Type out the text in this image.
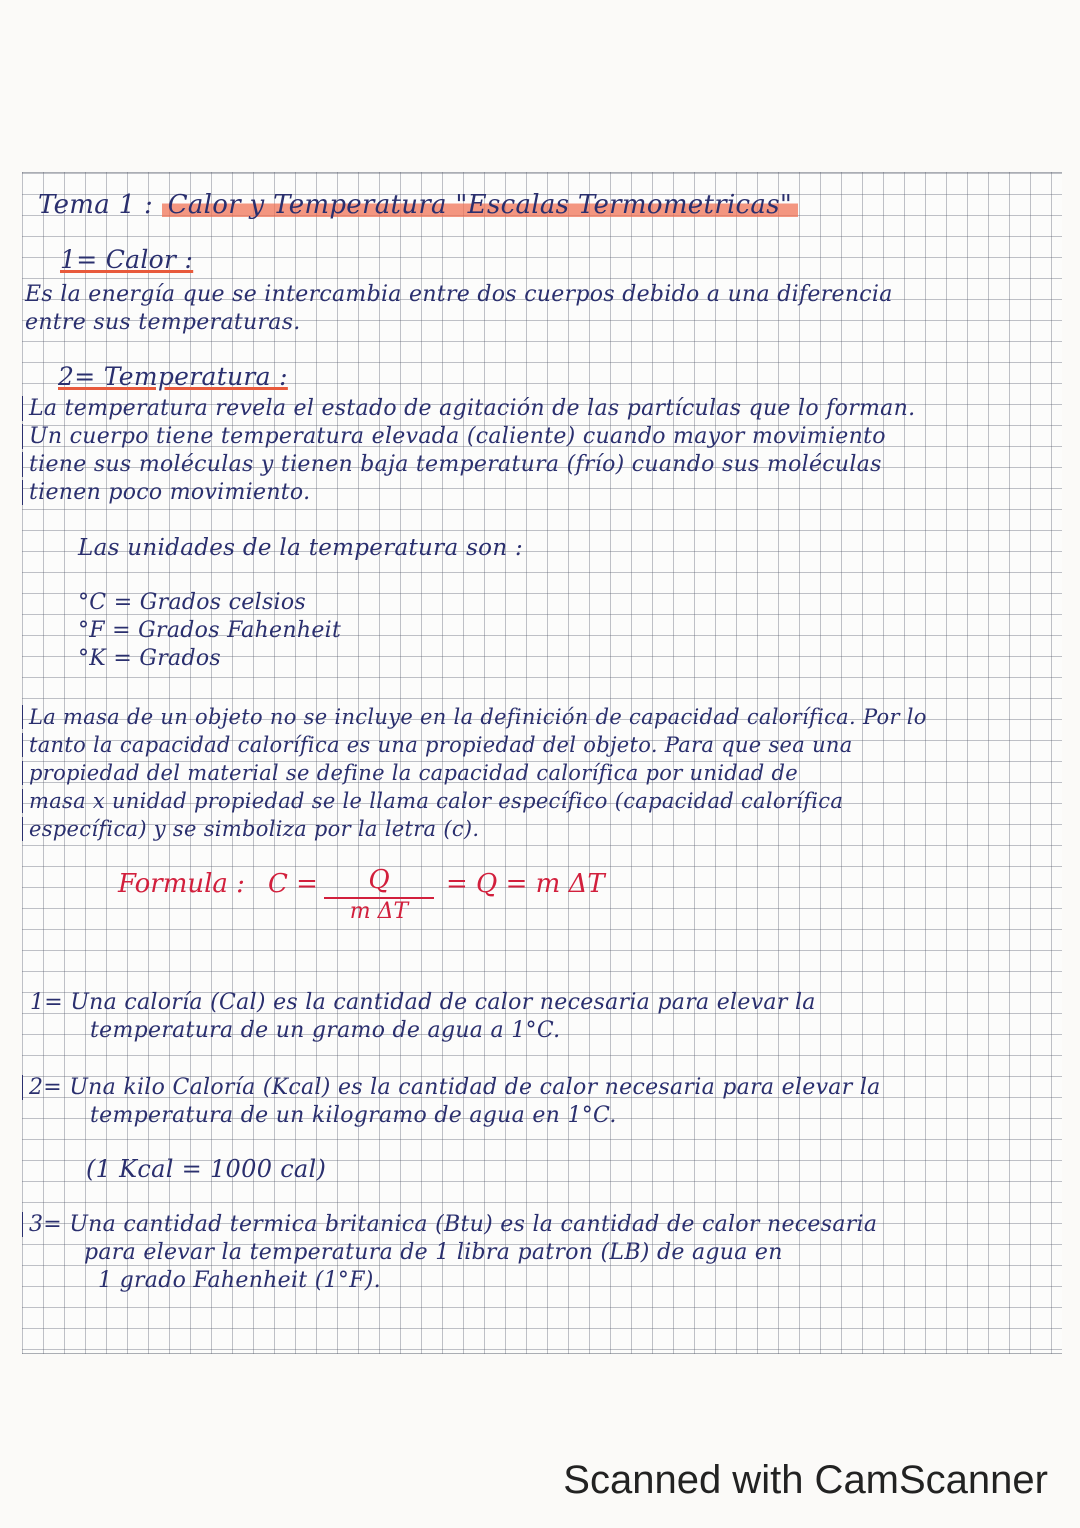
Tema 1 : Calor y Temperatura "Escalas Termometricas"
1= Calor :
Es la energía que se intercambia entre dos cuerpos debido a una diferencia
entre sus temperaturas.
2= Temperatura :
La temperatura revela el estado de agitación de las partículas que lo forman.
Un cuerpo tiene temperatura elevada (caliente) cuando mayor movimiento
tiene sus moléculas y tienen baja temperatura (frío) cuando sus moléculas
tienen poco movimiento.
Las unidades de la temperatura son :
°C = Grados celsios
°F = Grados Fahenheit
°K = Grados
La masa de un objeto no se incluye en la definición de capacidad calorífica. Por lo
tanto la capacidad calorífica es una propiedad del objeto. Para que sea una
propiedad del material se define la capacidad calorífica por unidad de
masa x unidad propiedad se le llama calor específico (capacidad calorífica
específica) y se simboliza por la letra (c).
Formula : C =	Q
m ΔT
= Q = m ΔT
1= Una caloría (Cal) es la cantidad de calor necesaria para elevar la
temperatura de un gramo de agua a 1°C.
2= Una kilo Caloría (Kcal) es la cantidad de calor necesaria para elevar la
temperatura de un kilogramo de agua en 1°C.
(1 Kcal = 1000 cal)
3= Una cantidad termica britanica (Btu) es la cantidad de calor necesaria
para elevar la temperatura de 1 libra patron (LB) de agua en
1 grado Fahenheit (1°F).
Scanned with CamScanner
